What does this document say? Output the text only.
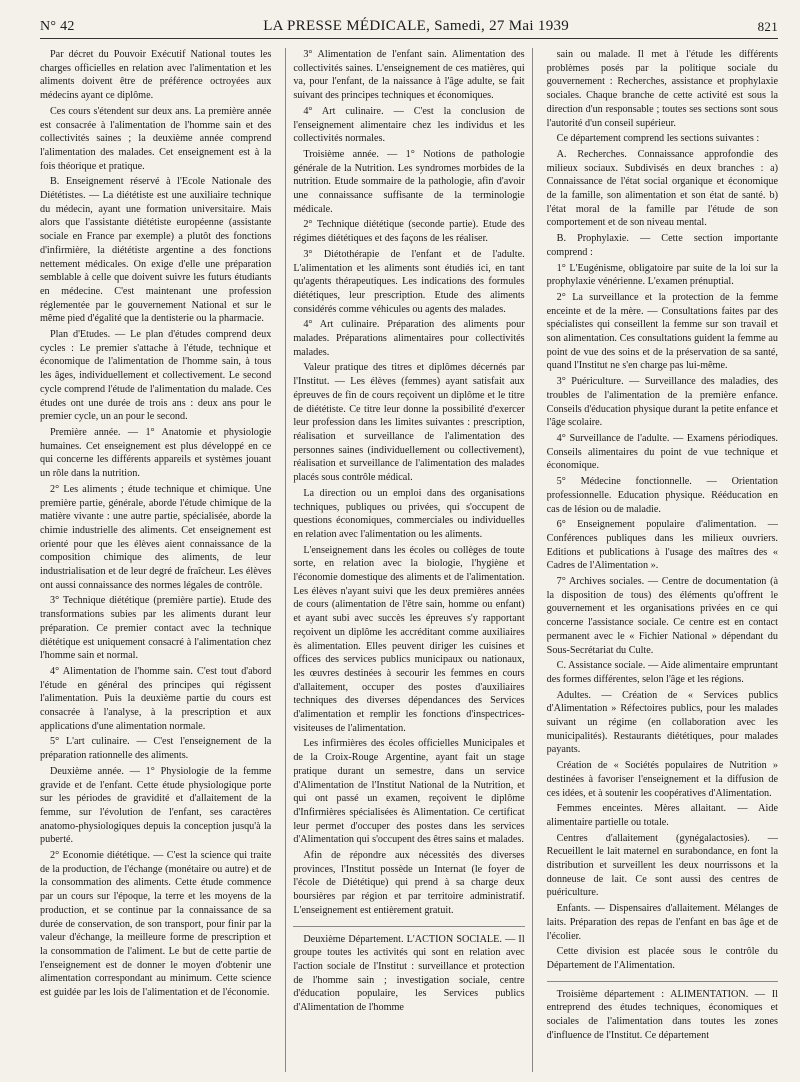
N° 42	LA PRESSE MÉDICALE, Samedi, 27 Mai 1939	821

Par décret du Pouvoir Exécutif National toutes les charges officielles en relation avec l'alimentation et les aliments doivent être de préférence octroyées aux médecins ayant ce diplôme.

Ces cours s'étendent sur deux ans. La première année est consacrée à l'alimentation de l'homme sain et des collectivités saines ; la deuxième année comprend l'alimentation des malades. Cet enseignement est à la fois théorique et pratique.

B. Enseignement réservé à l'Ecole Nationale des Diététistes. — La diététiste est une auxiliaire technique du médecin, ayant une formation universitaire. Mais alors que l'assistante diététiste européenne (assistante sociale en France par exemple) a plutôt des fonctions d'infirmière, la diététiste argentine a des fonctions nettement médicales. On exige d'elle une préparation semblable à celle que doivent suivre les futurs étudiants en médecine. C'est maintenant une profession réglementée par le gouvernement National et sur le même pied d'égalité que la dentisterie ou la pharmacie.

Plan d'Etudes. — Le plan d'études comprend deux cycles : Le premier s'attache à l'étude, technique et économique de l'alimentation de l'homme sain, à tous les âges, individuellement et collectivement. Le second cycle comprend l'étude de l'alimentation du malade. Ces études ont une durée de trois ans : deux ans pour le premier cycle, un an pour le second.

Première année. — 1° Anatomie et physiologie humaines. Cet enseignement est plus développé en ce qui concerne les différents appareils et systèmes jouant un rôle dans la nutrition.

2° Les aliments ; étude technique et chimique. Une première partie, générale, aborde l'étude chimique de la matière vivante : une autre partie, spécialisée, aborde la chimie industrielle des aliments. Cet enseignement est orienté pour que les élèves aient connaissance de la composition chimique des aliments, de leur industrialisation et de leur degré de fraîcheur. Les élèves ont aussi connaissance des normes légales de contrôle.

3° Technique diététique (première partie). Etude des transformations subies par les aliments durant leur préparation. Ce premier contact avec la technique diététique est uniquement consacré à l'alimentation chez l'homme sain et normal.

4° Alimentation de l'homme sain. C'est tout d'abord l'étude en général des principes qui régissent l'alimentation. Puis la deuxième partie du cours est consacrée à l'analyse, à la prescription et aux applications d'une alimentation normale.

5° L'art culinaire. — C'est l'enseignement de la préparation rationnelle des aliments.

Deuxième année. — 1° Physiologie de la femme gravide et de l'enfant. Cette étude physiologique porte sur les périodes de gravidité et d'allaitement de la femme, sur l'évolution de l'enfant, ses caractères anatomo-physiologiques depuis la conception jusqu'à la puberté.

2° Economie diététique. — C'est la science qui traite de la production, de l'échange (monétaire ou autre) et de la consommation des aliments. Cette étude commence par un cours sur l'époque, la terre et les moyens de la production, et se continue par la connaissance de sa durée de conservation, de son transport, pour finir par la valeur d'échange, la meilleure forme de prescription et la consommation de l'aliment. Le but de cette partie de l'enseignement est de donner le moyen d'obtenir une alimentation correspondant au minimum. Cette science est guidée par les lois de l'alimentation et de l'économie.

3° Alimentation de l'enfant sain. Alimentation des collectivités saines. L'enseignement de ces matières, qui va, pour l'enfant, de la naissance à l'âge adulte, se fait suivant des principes techniques et économiques.

4° Art culinaire. — C'est la conclusion de l'enseignement alimentaire chez les individus et les collectivités normales.

Troisième année. — 1° Notions de pathologie générale de la Nutrition. Les syndromes morbides de la nutrition. Etude sommaire de la pathologie, afin d'avoir une connaissance suffisante de la terminologie médicale.

2° Technique diététique (seconde partie). Etude des régimes diététiques et des façons de les réaliser.

3° Diétothérapie de l'enfant et de l'adulte. L'alimentation et les aliments sont étudiés ici, en tant qu'agents thérapeutiques. Les indications des formules diététiques, leur prescription. Etude des aliments considérés comme véhicules ou agents des malades.

4° Art culinaire. Préparation des aliments pour malades. Préparations alimentaires pour collectivités malades.

Valeur pratique des titres et diplômes décernés par l'Institut. — Les élèves (femmes) ayant satisfait aux épreuves de fin de cours reçoivent un diplôme et le titre de diététiste. Ce titre leur donne la possibilité d'exercer leur profession dans les limites suivantes : prescription, réalisation et surveillance de l'alimentation des personnes saines (individuellement ou collectivement), réalisation et surveillance de l'alimentation des malades placés sous contrôle médical.

La direction ou un emploi dans des organisations techniques, publiques ou privées, qui s'occupent de questions économiques, commerciales ou individuelles en relation avec l'alimentation ou les aliments.

L'enseignement dans les écoles ou collèges de toute sorte, en relation avec la biologie, l'hygiène et l'économie domestique des aliments et de l'alimentation. Les élèves n'ayant suivi que les deux premières années de cours (alimentation de l'être sain, homme ou enfant) et ayant subi avec succès les épreuves s'y rapportant reçoivent un diplôme les accréditant comme auxiliaires ès alimentation. Elles peuvent diriger les cuisines et offices des services publics municipaux ou nationaux, les œuvres destinées à secourir les femmes en cours d'allaitement, occuper des postes d'auxiliaires techniques des diverses dépendances des Services d'alimentation et remplir les fonctions d'inspectrices-visiteuses de l'alimentation.

Les infirmières des écoles officielles Municipales et de la Croix-Rouge Argentine, ayant fait un stage pratique durant un semestre, dans un service d'Alimentation de l'Institut National de la Nutrition, et qui ont passé un examen, reçoivent le diplôme d'Infirmières spécialisées ès Alimentation. Ce certificat leur permet d'occuper des postes dans les services d'Alimentation qui s'occupent des êtres sains et malades.

Afin de répondre aux nécessités des diverses provinces, l'Institut possède un Internat (le foyer de l'école de Diététique) qui prend à sa charge deux boursières par région et par territoire administratif. L'enseignement est entièrement gratuit.

Deuxième Département. L'ACTION SOCIALE. — Il groupe toutes les activités qui sont en relation avec l'action sociale de l'Institut : surveillance et protection de l'homme sain ; investigation sociale, centre d'éducation populaire, les Services publics d'Alimentation de l'homme

sain ou malade. Il met à l'étude les différents problèmes posés par la politique sociale du gouvernement : Recherches, assistance et prophylaxie sociales. Chaque branche de cette activité est sous la direction d'un responsable ; toutes ses sections sont sous l'autorité d'un conseil supérieur.

Ce département comprend les sections suivantes :

A. Recherches. Connaissance approfondie des milieux sociaux. Subdivisés en deux branches : a) Connaissance de l'état social organique et économique de la famille, son alimentation et son état de santé. b) l'état moral de la famille par l'étude de son comportement et de son niveau mental.

B. Prophylaxie. — Cette section importante comprend :

1° L'Eugénisme, obligatoire par suite de la loi sur la prophylaxie vénérienne. L'examen prénuptial.

2° La surveillance et la protection de la femme enceinte et de la mère. — Consultations faites par des spécialistes qui conseillent la femme sur son travail et son alimentation. Ces consultations guident la femme au point de vue des soins et de la préservation de sa santé, quand l'Institut ne s'en charge pas lui-même.

3° Puériculture. — Surveillance des maladies, des troubles de l'alimentation de la première enfance. Conseils d'éducation physique durant la petite enfance et l'âge scolaire.

4° Surveillance de l'adulte. — Examens périodiques. Conseils alimentaires du point de vue technique et économique.

5° Médecine fonctionnelle. — Orientation professionnelle. Education physique. Rééducation en cas de lésion ou de maladie.

6° Enseignement populaire d'alimentation. — Conférences publiques dans les milieux ouvriers. Editions et publications à l'usage des maîtres des « Cadres de l'Alimentation ».

7° Archives sociales. — Centre de documentation (à la disposition de tous) des éléments qu'offrent le gouvernement et les organisations privées en ce qui concerne l'assistance sociale. Ce centre est en contact permanent avec le « Fichier National » dépendant du Sous-Secrétariat du Culte.

C. Assistance sociale. — Aide alimentaire empruntant des formes différentes, selon l'âge et les régions.

Adultes. — Création de « Services publics d'Alimentation » Réfectoires publics, pour les malades suivant un régime (en collaboration avec les municipalités). Restaurants diététiques, pour malades payants.

Création de « Sociétés populaires de Nutrition » destinées à favoriser l'enseignement et la diffusion de ces idées, et à soutenir les coopératives d'Alimentation.

Femmes enceintes. Mères allaitant. — Aide alimentaire partielle ou totale.

Centres d'allaitement (gynégalactosies). — Recueillent le lait maternel en surabondance, en font la distribution et surveillent les deux nourrissons et la donneuse de lait. Ce sont aussi des centres de puériculture.

Enfants. — Dispensaires d'allaitement. Mélanges de laits. Préparation des repas de l'enfant en bas âge et de l'écolier.

Cette division est placée sous le contrôle du Département de l'Alimentation.

Troisième département : ALIMENTATION. — Il entreprend des études techniques, économiques et sociales de l'alimentation dans toutes les zones d'influence de l'Institut. Ce département
